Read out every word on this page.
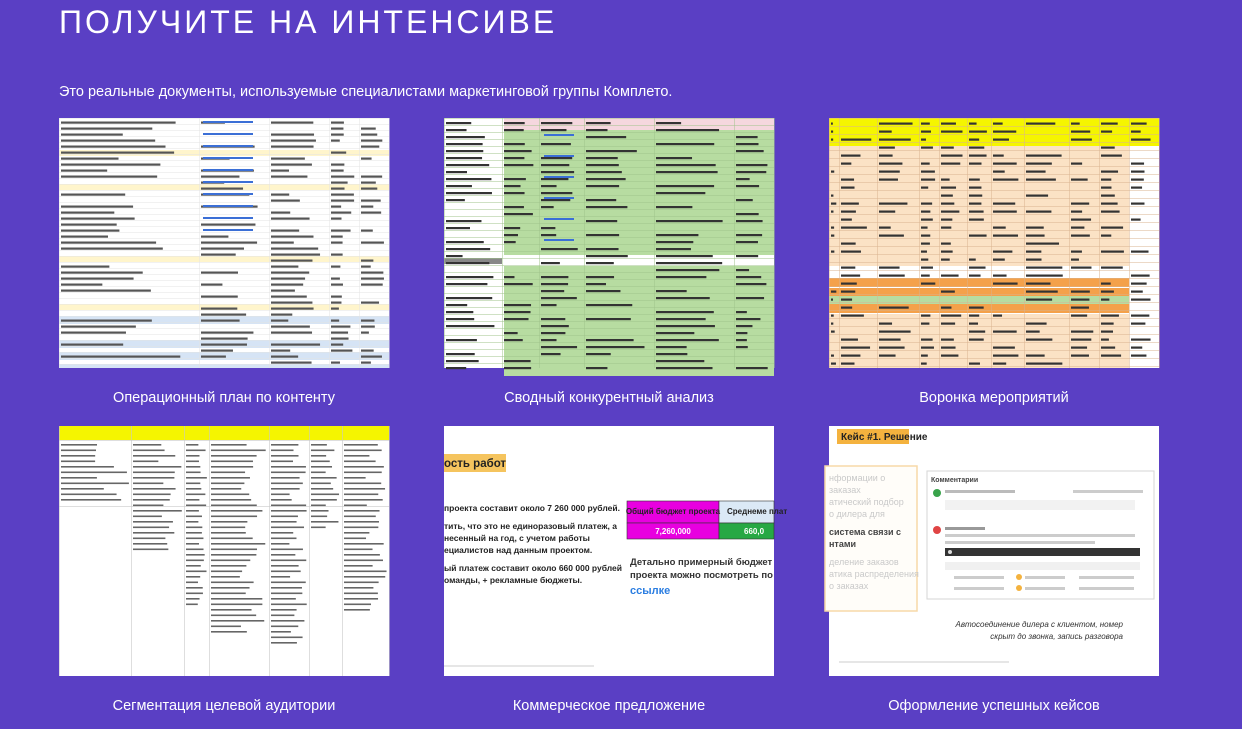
ПОЛУЧИТЕ НА ИНТЕНСИВЕ
Это реальные документы, используемые специалистами маркетинговой группы Комплето.
Операционный план по контенту	Сводный конкурентный анализ	Воронка мероприятий
Сегментация целевой аудитории
ость работ
проекта составит около 7 260 000 рублей.
тить, что это не единоразовый платеж, а
несенный на год, с учетом работы
ециалистов над данным проектом.
ый платеж составит около 660 000 рублей
оманды, + рекламные бюджеты.
Общий бюджет проекта
7,260,000
Среднеме плат
660,0
Детально примерный бюджет
проекта можно посмотреть по
ссылке
Коммерческое предложение
Кейс #1. Решение
нформации о
заказах
атический подбор
о дилера для
система связи с
нтами
деление заказов
атика распределения
о заказах
Комментарии
Автосоединение дилера с клиентом, номер
скрыт до звонка, запись разговора
Оформление успешных кейсов
